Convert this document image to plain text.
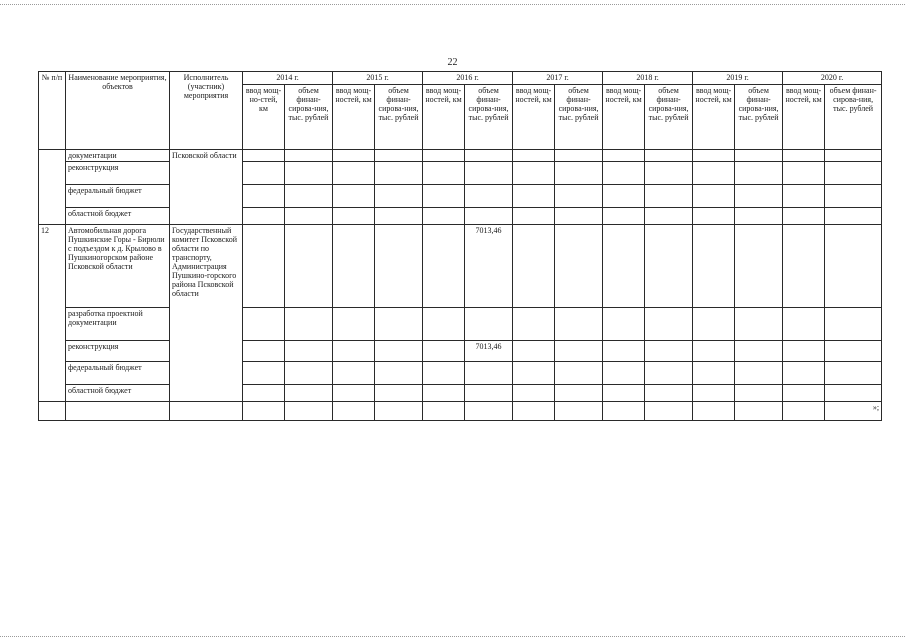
22
№ п/п	Наименование мероприятия, объектов	Исполнитель (участник) мероприятия	2014 г.		2015 г.		2016 г.		2017 г.		2018 г.		2019 г.		2020 г.	
			ввод мощ-но-стей, км	объем финан-сирова-ния, тыс. рублей	ввод мощ-ностей, км	объем финан-сирова-ния, тыс. рублей	ввод мощ-ностей, км	объем финан-сирова-ния, тыс. рублей	ввод мощ-ностей, км	объем финан-сирова-ния, тыс. рублей	ввод мощ-ностей, км	объем финан-сирова-ния, тыс. рублей	ввод мощ-ностей, км	объем финан-сирова-ния, тыс. рублей	ввод мощ-ностей, км	объем финан-сирова-ния, тыс. рублей
	документации	Псковской области														
	реконструкция															
	федеральный бюджет															
	областной бюджет															
12	Автомобильная дорога Пушкинские Горы - Бирюли с подъездом к д. Крылово в Пушкиногорском районе Псковской области	Государственный комитет Псковской области по транспорту, Администрация Пушкино-горского района Псковской области						7013,46								
	разработка проектной документации															
	реконструкция							7013,46								
	федеральный бюджет															
	областной бюджет															
																»;
